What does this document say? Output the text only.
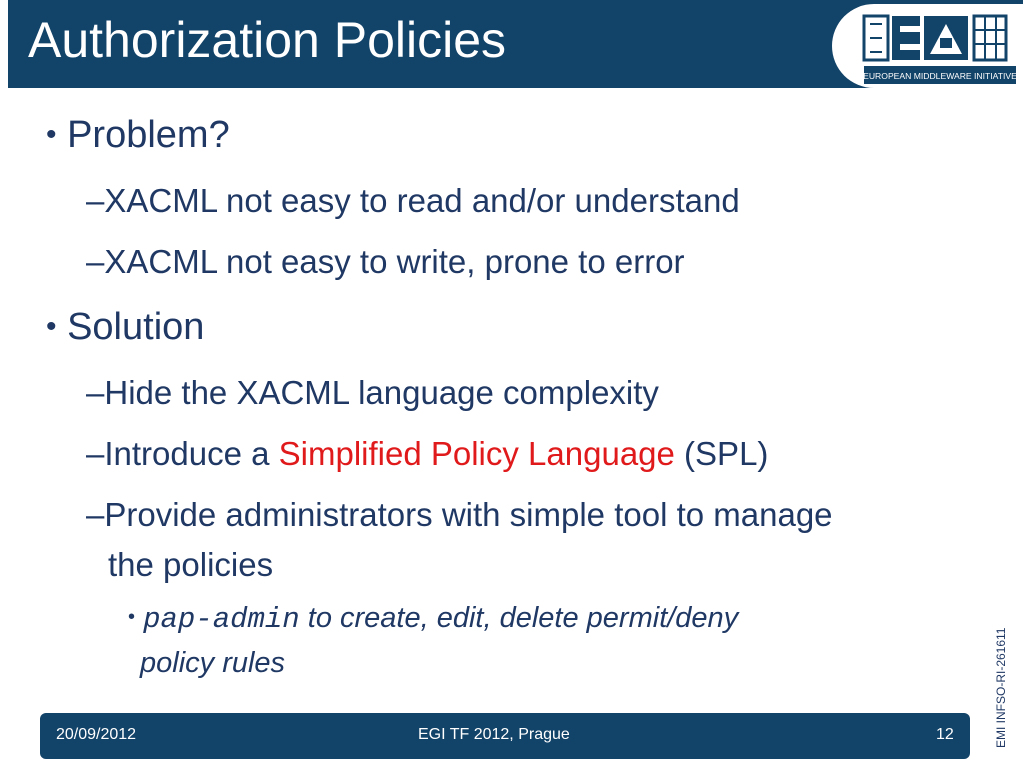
Authorization Policies
EUROPEAN MIDDLEWARE INITIATIVE
• Problem?
–XACML not easy to read and/or understand
–XACML not easy to write, prone to error
• Solution
–Hide the XACML language complexity
–Introduce a Simplified Policy Language (SPL)
–Provide administrators with simple tool to manage
the policies
• pap-admin to create, edit, delete permit/deny
policy rules	EMI INFSO-RI-261611
20/09/2012	EGI TF 2012, Prague	12
